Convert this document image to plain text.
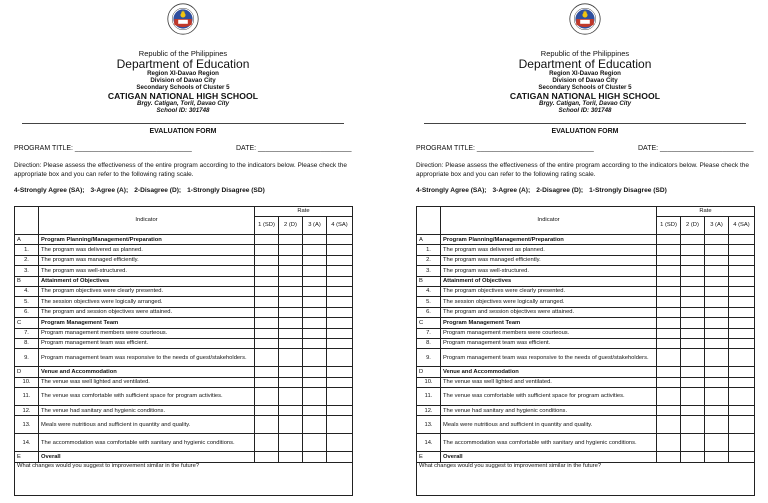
Republic of the Philippines
Department of Education
Region XI-Davao Region
Division of Davao City
Secondary Schools of Cluster 5
CATIGAN NATIONAL HIGH SCHOOL
Brgy. Catigan, Toril, Davao City
School ID: 301748
EVALUATION FORM
PROGRAM TITLE: ______________________________	DATE: ________________________
Direction: Please assess the effectiveness of the entire program according to the indicators below. Please check the appropriate box and you can refer to the following rating scale.
4-Strongly Agree (SA); 3-Agree (A); 2-Disagree (D); 1-Strongly Disagree (SD)
	Indicator	Rate			
		1 (SD)	2 (D)	3 (A)	4 (SA)
A	Program Planning/Management/Preparation				
1.	The program was delivered as planned.				
2.	The program was managed efficiently.				
3.	The program was well-structured.				
B	Attainment of Objectives				
4.	The program objectives were clearly presented.				
5.	The session objectives were logically arranged.				
6.	The program and session objectives were attained.				
C	Program Management Team				
7.	Program management members were courteous.				
8.	Program management team was efficient.				
9.	Program management team was responsive to the needs of guest/stakeholders.				
D	Venue and Accommodation				
10.	The venue was well lighted and ventilated.				
11.	The venue was comfortable with sufficient space for program activities.				
12.	The venue had sanitary and hygienic conditions.				
13.	Meals were nutritious and sufficient in quantity and quality.				
14.	The accommodation was comfortable with sanitary and hygienic conditions.				
E	Overall				
What changes would you suggest to improvement similar in the future?					
Republic of the Philippines
Department of Education
Region XI-Davao Region
Division of Davao City
Secondary Schools of Cluster 5
CATIGAN NATIONAL HIGH SCHOOL
Brgy. Catigan, Toril, Davao City
School ID: 301748
EVALUATION FORM
PROGRAM TITLE: ______________________________	DATE: ________________________
Direction: Please assess the effectiveness of the entire program according to the indicators below. Please check the appropriate box and you can refer to the following rating scale.
4-Strongly Agree (SA); 3-Agree (A); 2-Disagree (D); 1-Strongly Disagree (SD)
	Indicator	Rate			
		1 (SD)	2 (D)	3 (A)	4 (SA)
A	Program Planning/Management/Preparation				
1.	The program was delivered as planned.				
2.	The program was managed efficiently.				
3.	The program was well-structured.				
B	Attainment of Objectives				
4.	The program objectives were clearly presented.				
5.	The session objectives were logically arranged.				
6.	The program and session objectives were attained.				
C	Program Management Team				
7.	Program management members were courteous.				
8.	Program management team was efficient.				
9.	Program management team was responsive to the needs of guest/stakeholders.				
D	Venue and Accommodation				
10.	The venue was well lighted and ventilated.				
11.	The venue was comfortable with sufficient space for program activities.				
12.	The venue had sanitary and hygienic conditions.				
13.	Meals were nutritious and sufficient in quantity and quality.				
14.	The accommodation was comfortable with sanitary and hygienic conditions.				
E	Overall				
What changes would you suggest to improvement similar in the future?					
